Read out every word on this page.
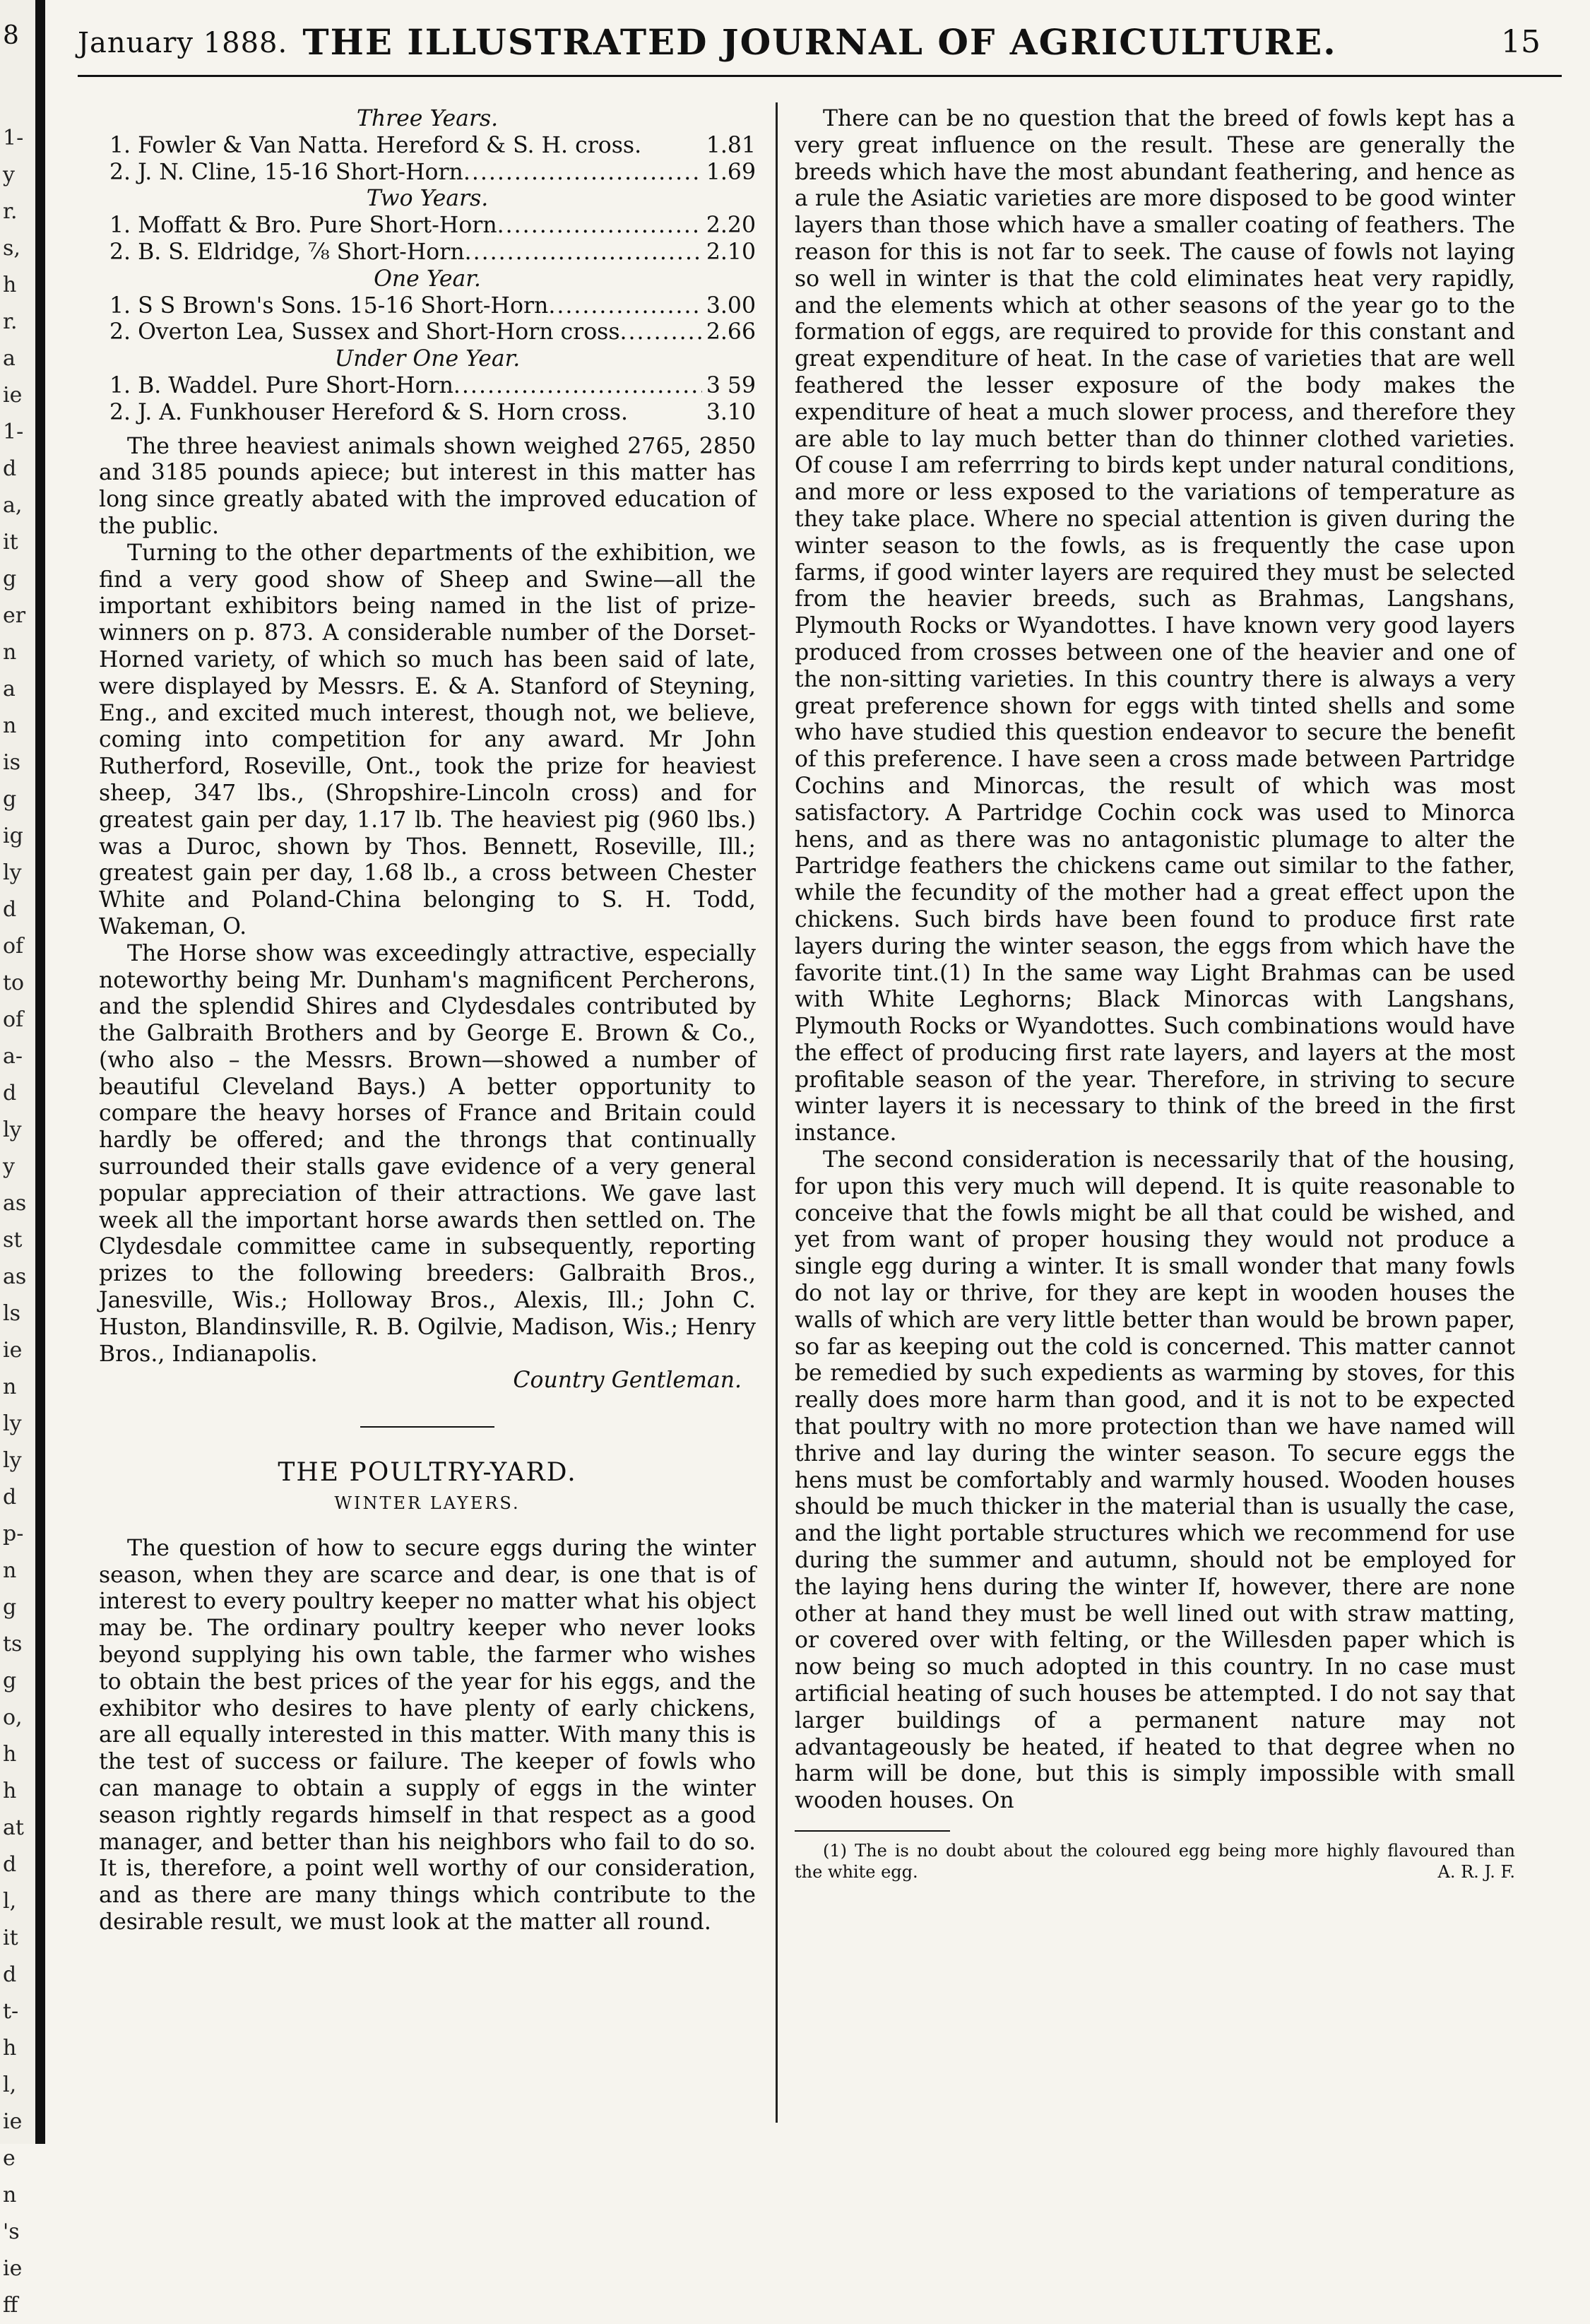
8
1-
y
r.
s,
h
r.
a
ie
1-
d
a,
it
g
er
n
a
n
is
g
ig
ly
d
of
to
of
a-
d
ly
y
as
st
as
ls
ie
n
ly
ly
d
p-
n
g
ts
g
o,
h
h
at
d
l,
it
d
t-
h
l,
ie
e
n
's
ie
ff
January 1888. THE ILLUSTRATED JOURNAL OF AGRICULTURE.	15
Three Years.
1. Fowler & Van Natta. Hereford & S. H. cross.	1.81
2. J. N. Cline, 15-16 Short-Horn .....	1.69
Two Years.
1. Moffatt & Bro. Pure Short-Horn .....	2.20
2. B. S. Eldridge, ⅞ Short-Horn .....	2.10
One Year.
1. S S Brown's Sons. 15-16 Short-Horn .....	3.00
2. Overton Lea, Sussex and Short-Horn cross .....	2.66
Under One Year.
1. B. Waddel. Pure Short-Horn .....	3 59
2. J. A. Funkhouser Hereford & S. Horn cross.	3.10

The three heaviest animals shown weighed 2765, 2850 and 3185 pounds apiece; but interest in this matter has long since greatly abated with the improved education of the public.

Turning to the other departments of the exhibition, we find a very good show of Sheep and Swine—all the important exhibitors being named in the list of prize-winners on p. 873. A considerable number of the Dorset-Horned variety, of which so much has been said of late, were displayed by Messrs. E. & A. Stanford of Steyning, Eng., and excited much interest, though not, we believe, coming into competition for any award. Mr John Rutherford, Roseville, Ont., took the prize for heaviest sheep, 347 lbs., (Shropshire-Lincoln cross) and for greatest gain per day, 1.17 lb. The heaviest pig (960 lbs.) was a Duroc, shown by Thos. Bennett, Roseville, Ill.; greatest gain per day, 1.68 lb., a cross between Chester White and Poland-China belonging to S. H. Todd, Wakeman, O.

The Horse show was exceedingly attractive, especially noteworthy being Mr. Dunham's magnificent Percherons, and the splendid Shires and Clydesdales contributed by the Galbraith Brothers and by George E. Brown & Co., (who also – the Messrs. Brown—showed a number of beautiful Cleveland Bays.) A better opportunity to compare the heavy horses of France and Britain could hardly be offered; and the throngs that continually surrounded their stalls gave evidence of a very general popular appreciation of their attractions. We gave last week all the important horse awards then settled on. The Clydesdale committee came in subsequently, reporting prizes to the following breeders: Galbraith Bros., Janesville, Wis.; Holloway Bros., Alexis, Ill.; John C. Huston, Blandinsville, R. B. Ogilvie, Madison, Wis.; Henry Bros., Indianapolis.

Country Gentleman.
THE POULTRY-YARD.
WINTER LAYERS.

The question of how to secure eggs during the winter season, when they are scarce and dear, is one that is of interest to every poultry keeper no matter what his object may be. The ordinary poultry keeper who never looks beyond supplying his own table, the farmer who wishes to obtain the best prices of the year for his eggs, and the exhibitor who desires to have plenty of early chickens, are all equally interested in this matter. With many this is the test of success or failure. The keeper of fowls who can manage to obtain a supply of eggs in the winter season rightly regards himself in that respect as a good manager, and better than his neighbors who fail to do so. It is, therefore, a point well worthy of our consideration, and as there are many things which contribute to the desirable result, we must look at the matter all round.

There can be no question that the breed of fowls kept has a very great influence on the result. These are generally the breeds which have the most abundant feathering, and hence as a rule the Asiatic varieties are more disposed to be good winter layers than those which have a smaller coating of feathers. The reason for this is not far to seek. The cause of fowls not laying so well in winter is that the cold eliminates heat very rapidly, and the elements which at other seasons of the year go to the formation of eggs, are required to provide for this constant and great expenditure of heat. In the case of varieties that are well feathered the lesser exposure of the body makes the expenditure of heat a much slower process, and therefore they are able to lay much better than do thinner clothed varieties. Of couse I am referrring to birds kept under natural conditions, and more or less exposed to the variations of temperature as they take place. Where no special attention is given during the winter season to the fowls, as is frequently the case upon farms, if good winter layers are required they must be selected from the heavier breeds, such as Brahmas, Langshans, Plymouth Rocks or Wyandottes. I have known very good layers produced from crosses between one of the heavier and one of the non-sitting varieties. In this country there is always a very great preference shown for eggs with tinted shells and some who have studied this question endeavor to secure the benefit of this preference. I have seen a cross made between Partridge Cochins and Minorcas, the result of which was most satisfactory. A Partridge Cochin cock was used to Minorca hens, and as there was no antagonistic plumage to alter the Partridge feathers the chickens came out similar to the father, while the fecundity of the mother had a great effect upon the chickens. Such birds have been found to produce first rate layers during the winter season, the eggs from which have the favorite tint.(1) In the same way Light Brahmas can be used with White Leghorns; Black Minorcas with Langshans, Plymouth Rocks or Wyandottes. Such combinations would have the effect of producing first rate layers, and layers at the most profitable season of the year. Therefore, in striving to secure winter layers it is necessary to think of the breed in the first instance.

The second consideration is necessarily that of the housing, for upon this very much will depend. It is quite reasonable to conceive that the fowls might be all that could be wished, and yet from want of proper housing they would not produce a single egg during a winter. It is small wonder that many fowls do not lay or thrive, for they are kept in wooden houses the walls of which are very little better than would be brown paper, so far as keeping out the cold is concerned. This matter cannot be remedied by such expedients as warming by stoves, for this really does more harm than good, and it is not to be expected that poultry with no more protection than we have named will thrive and lay during the winter season. To secure eggs the hens must be comfortably and warmly housed. Wooden houses should be much thicker in the material than is usually the case, and the light portable structures which we recommend for use during the summer and autumn, should not be employed for the laying hens during the winter If, however, there are none other at hand they must be well lined out with straw matting, or covered over with felting, or the Willesden paper which is now being so much adopted in this country. In no case must artificial heating of such houses be attempted. I do not say that larger buildings of a permanent nature may not advantageously be heated, if heated to that degree when no harm will be done, but this is simply impossible with small wooden houses. On

(1) The is no doubt about the coloured egg being more highly flavoured than the white egg.	A. R. J. F.
